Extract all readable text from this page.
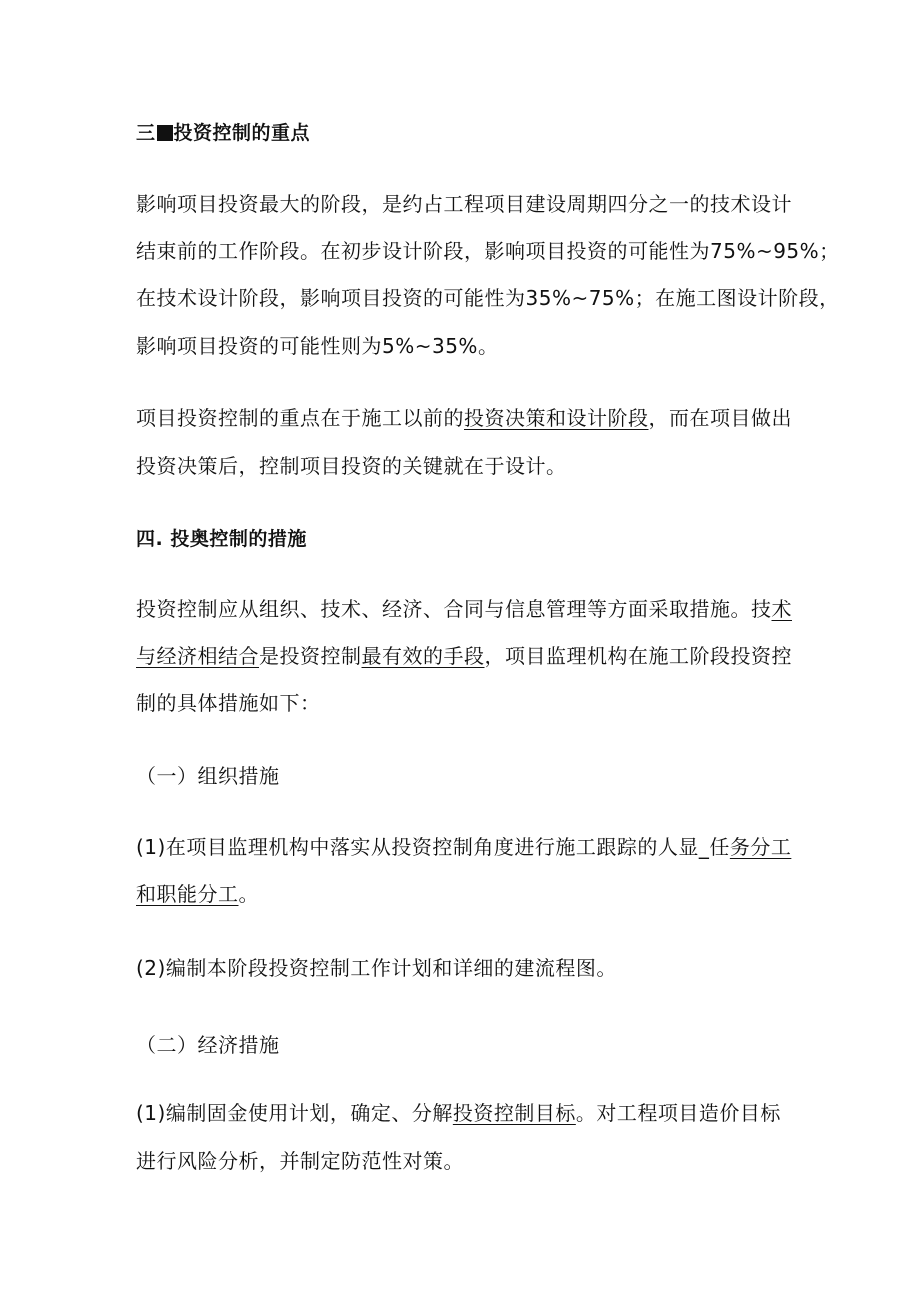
三 投资控制的重点
影响项目投资最大的阶段，是约占工程项目建设周期四分之一的技术设计
结束前的工作阶段。在初步设计阶段，影响项目投资的可能性为75%~95%；
在技术设计阶段，影响项目投资的可能性为35%~75%；在施工图设计阶段，
影响项目投资的可能性则为5%~35%。
项目投资控制的重点在于施工以前的投资决策和设计阶段，而在项目做出
投资决策后，控制项目投资的关键就在于设计。
四. 投奥控制的措施
投资控制应从组织、技术、经济、合同与信息管理等方面采取措施。技术
与经济相结合是投资控制最有效的手段，项目监理机构在施工阶段投资控
制的具体措施如下：
（一）组织措施
(1)在项目监理机构中落实从投资控制角度进行施工跟踪的人显_任务分工
和职能分工。
(2)编制本阶段投资控制工作计划和详细的建流程图。
（二）经济措施
(1)编制固金使用计划，确定、分解投资控制目标。对工程项目造价目标
进行风险分析，并制定防范性对策。
